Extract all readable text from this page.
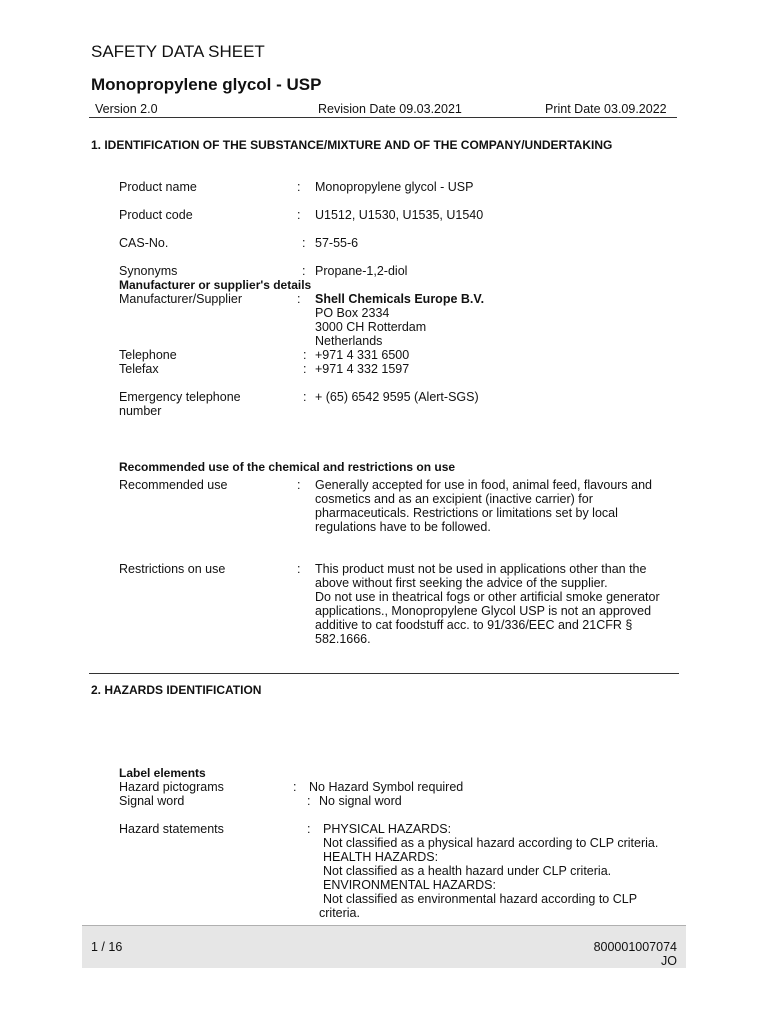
SAFETY DATA SHEET
Monopropylene glycol - USP
Version 2.0	Revision Date 09.03.2021	Print Date 03.09.2022
1. IDENTIFICATION OF THE SUBSTANCE/MIXTURE AND OF THE COMPANY/UNDERTAKING
Product name	: Monopropylene glycol - USP
Product code	: U1512, U1530, U1535, U1540
CAS-No.	: 57-55-6
Synonyms	: Propane-1,2-diol
Manufacturer or supplier's details
Manufacturer/Supplier	: Shell Chemicals Europe B.V.
PO Box 2334
3000 CH Rotterdam
Netherlands
Telephone	: +971 4 331 6500
Telefax	: +971 4 332 1597
Emergency telephone
number
: + (65) 6542 9595 (Alert-SGS)
Recommended use of the chemical and restrictions on use
Recommended use	: Generally accepted for use in food, animal feed, flavours and
cosmetics and as an excipient (inactive carrier) for
pharmaceuticals. Restrictions or limitations set by local
regulations have to be followed.
Restrictions on use	: This product must not be used in applications other than the
above without first seeking the advice of the supplier.
Do not use in theatrical fogs or other artificial smoke generator
applications., Monopropylene Glycol USP is not an approved
additive to cat foodstuff acc. to 91/336/EEC and 21CFR §
582.1666.
2. HAZARDS IDENTIFICATION
Label elements
Hazard pictograms	: No Hazard Symbol required
Signal word	: No signal word
Hazard statements	: PHYSICAL HAZARDS:
Not classified as a physical hazard according to CLP criteria.
HEALTH HAZARDS:
Not classified as a health hazard under CLP criteria.
ENVIRONMENTAL HAZARDS:
Not classified as environmental hazard according to CLP
criteria.
1 / 16	800001007074
JO
